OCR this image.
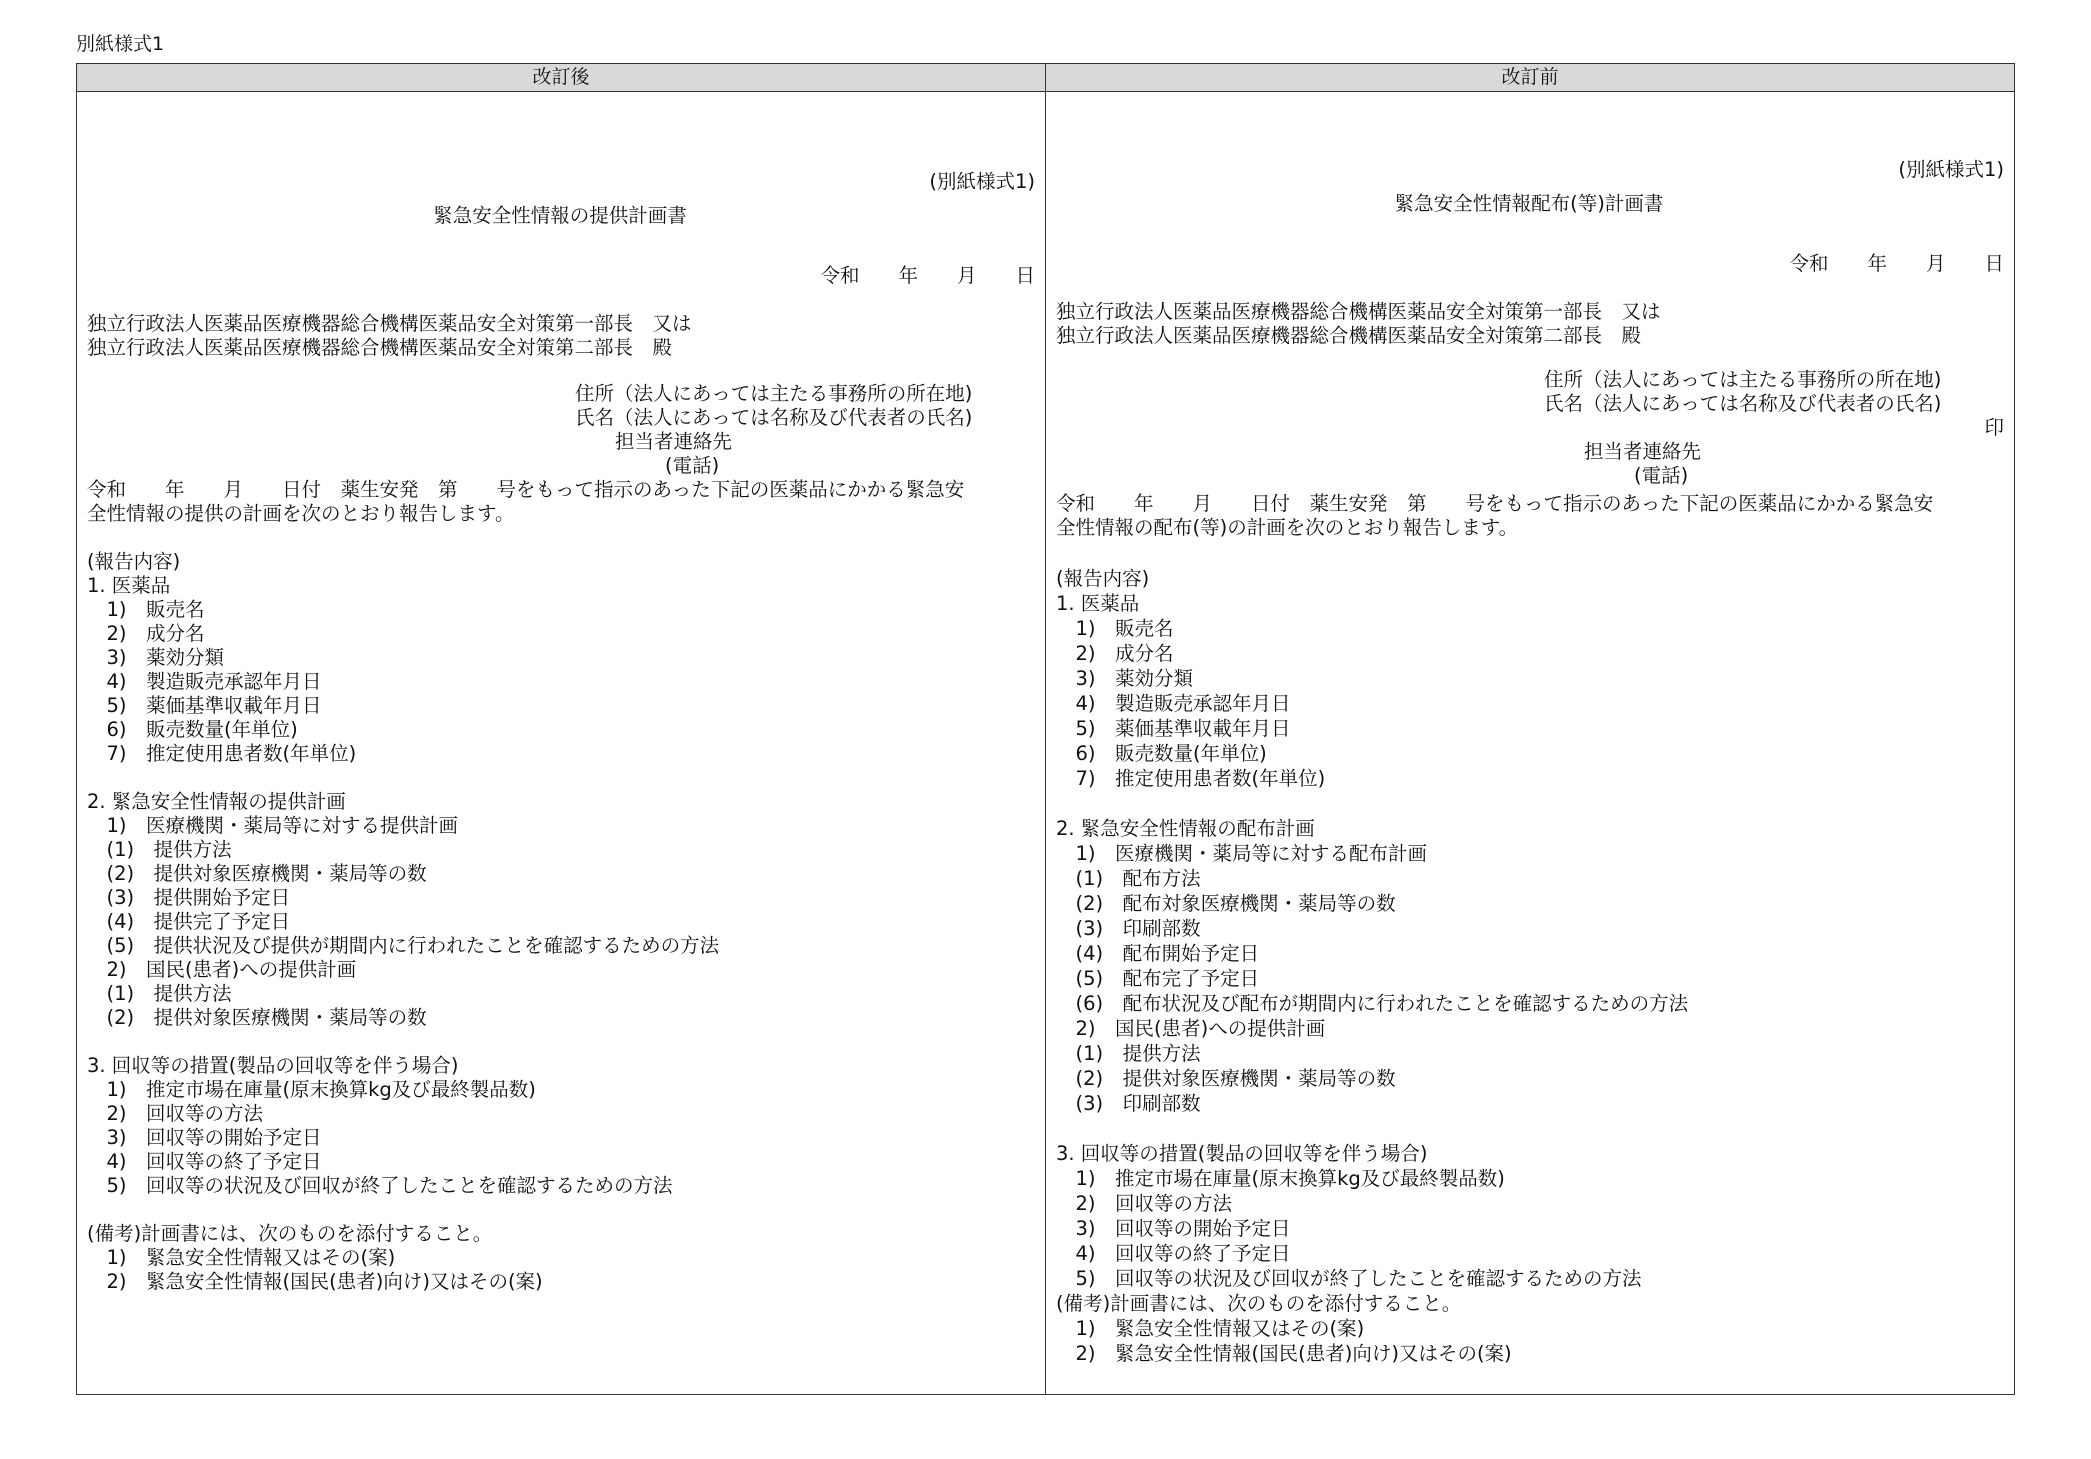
別紙様式1
改訂後	改訂前
(別紙様式1)
緊急安全性情報の提供計画書
令和　　年　　月　　日
独立行政法人医薬品医療機器総合機構医薬品安全対策第一部長　又は
独立行政法人医薬品医療機器総合機構医薬品安全対策第二部長　殿
住所（法人にあっては主たる事務所の所在地)
氏名（法人にあっては名称及び代表者の氏名)
担当者連絡先
(電話)
令和　　年　　月　　日付　薬生安発　第　　号をもって指示のあった下記の医薬品にかかる緊急安
全性情報の提供の計画を次のとおり報告します。
(報告内容)
1. 医薬品
　1)　販売名
　2)　成分名
　3)　薬効分類
　4)　製造販売承認年月日
　5)　薬価基準収載年月日
　6)　販売数量(年単位)
　7)　推定使用患者数(年単位)
2. 緊急安全性情報の提供計画
　1)　医療機関・薬局等に対する提供計画
　(1)　提供方法
　(2)　提供対象医療機関・薬局等の数
　(3)　提供開始予定日
　(4)　提供完了予定日
　(5)　提供状況及び提供が期間内に行われたことを確認するための方法
　2)　国民(患者)への提供計画
　(1)　提供方法
　(2)　提供対象医療機関・薬局等の数
3. 回収等の措置(製品の回収等を伴う場合)
　1)　推定市場在庫量(原末換算kg及び最終製品数)
　2)　回収等の方法
　3)　回収等の開始予定日
　4)　回収等の終了予定日
　5)　回収等の状況及び回収が終了したことを確認するための方法
(備考)計画書には、次のものを添付すること。
　1)　緊急安全性情報又はその(案)
　2)　緊急安全性情報(国民(患者)向け)又はその(案)
(別紙様式1)
緊急安全性情報配布(等)計画書
令和　　年　　月　　日
独立行政法人医薬品医療機器総合機構医薬品安全対策第一部長　又は
独立行政法人医薬品医療機器総合機構医薬品安全対策第二部長　殿
住所（法人にあっては主たる事務所の所在地)
氏名（法人にあっては名称及び代表者の氏名)
印
担当者連絡先
(電話)
令和　　年　　月　　日付　薬生安発　第　　号をもって指示のあった下記の医薬品にかかる緊急安
全性情報の配布(等)の計画を次のとおり報告します。
(報告内容)
1. 医薬品
　1)　販売名
　2)　成分名
　3)　薬効分類
　4)　製造販売承認年月日
　5)　薬価基準収載年月日
　6)　販売数量(年単位)
　7)　推定使用患者数(年単位)
2. 緊急安全性情報の配布計画
　1)　医療機関・薬局等に対する配布計画
　(1)　配布方法
　(2)　配布対象医療機関・薬局等の数
　(3)　印刷部数
　(4)　配布開始予定日
　(5)　配布完了予定日
　(6)　配布状況及び配布が期間内に行われたことを確認するための方法
　2)　国民(患者)への提供計画
　(1)　提供方法
　(2)　提供対象医療機関・薬局等の数
　(3)　印刷部数
3. 回収等の措置(製品の回収等を伴う場合)
　1)　推定市場在庫量(原末換算kg及び最終製品数)
　2)　回収等の方法
　3)　回収等の開始予定日
　4)　回収等の終了予定日
　5)　回収等の状況及び回収が終了したことを確認するための方法
(備考)計画書には、次のものを添付すること。
　1)　緊急安全性情報又はその(案)
　2)　緊急安全性情報(国民(患者)向け)又はその(案)
